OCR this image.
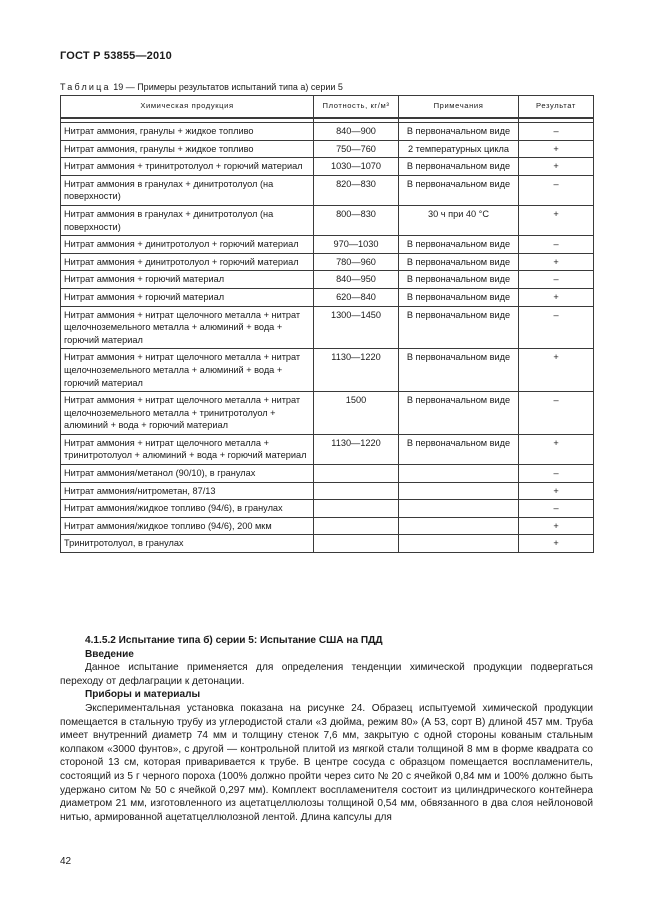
ГОСТ Р 53855—2010
Таблица 19 — Примеры результатов испытаний типа а) серии 5
Химическая продукция	Плотность, кг/м³	Примечания	Результат

Нитрат аммония, гранулы + жидкое топливо	840—900	В первоначальном виде	–
Нитрат аммония, гранулы + жидкое топливо	750—760	2 температурных цикла	+
Нитрат аммония + тринитротолуол + горючий материал	1030—1070	В первоначальном виде	+
Нитрат аммония в гранулах + динитротолуол (на поверхности)	820—830	В первоначальном виде	–
Нитрат аммония в гранулах + динитротолуол (на поверхности)	800—830	30 ч при 40 °С	+
Нитрат аммония + динитротолуол + горючий материал	970—1030	В первоначальном виде	–
Нитрат аммония + динитротолуол + горючий материал	780—960	В первоначальном виде	+
Нитрат аммония + горючий материал	840—950	В первоначальном виде	–
Нитрат аммония + горючий материал	620—840	В первоначальном виде	+
Нитрат аммония + нитрат щелочного металла + нитрат щелочноземельного металла + алюминий + вода + горючий материал	1300—1450	В первоначальном виде	–
Нитрат аммония + нитрат щелочного металла + нитрат щелочноземельного металла + алюминий + вода + горючий материал	1130—1220	В первоначальном виде	+
Нитрат аммония + нитрат щелочного металла + нитрат щелочноземельного металла + тринитротолуол + алюминий + вода + горючий материал	1500	В первоначальном виде	–
Нитрат аммония + нитрат щелочного металла + тринитротолуол + алюминий + вода + горючий материал	1130—1220	В первоначальном виде	+
Нитрат аммония/метанол (90/10), в гранулах			–
Нитрат аммония/нитрометан, 87/13			+
Нитрат аммония/жидкое топливо (94/6), в гранулах			–
Нитрат аммония/жидкое топливо (94/6), 200 мкм			+
Тринитротолуол, в гранулах			+

4.1.5.2 Испытание типа б) серии 5: Испытание США на ПДД

Введение

Данное испытание применяется для определения тенденции химической продукции подвергаться переходу от дефлаграции к детонации.

Приборы и материалы

Экспериментальная установка показана на рисунке 24. Образец испытуемой химической продукции помещается в стальную трубу из углеродистой стали «3 дюйма, режим 80» (А 53, сорт В) длиной 457 мм. Труба имеет внутренний диаметр 74 мм и толщину стенок 7,6 мм, закрытую с одной стороны кованым стальным колпаком «3000 фунтов», с другой — контрольной плитой из мягкой стали толщиной 8 мм в форме квадрата со стороной 13 см, которая приваривается к трубе. В центре сосуда с образцом помещается воспламенитель, состоящий из 5 г черного пороха (100% должно пройти через сито № 20 с ячейкой 0,84 мм и 100% должно быть удержано ситом № 50 с ячейкой 0,297 мм). Комплект воспламенителя состоит из цилиндрического контейнера диаметром 21 мм, изготовленного из ацетатцеллюлозы толщиной 0,54 мм, обвязанного в два слоя нейлоновой нитью, армированной ацетатцеллюлозной лентой. Длина капсулы для

42
